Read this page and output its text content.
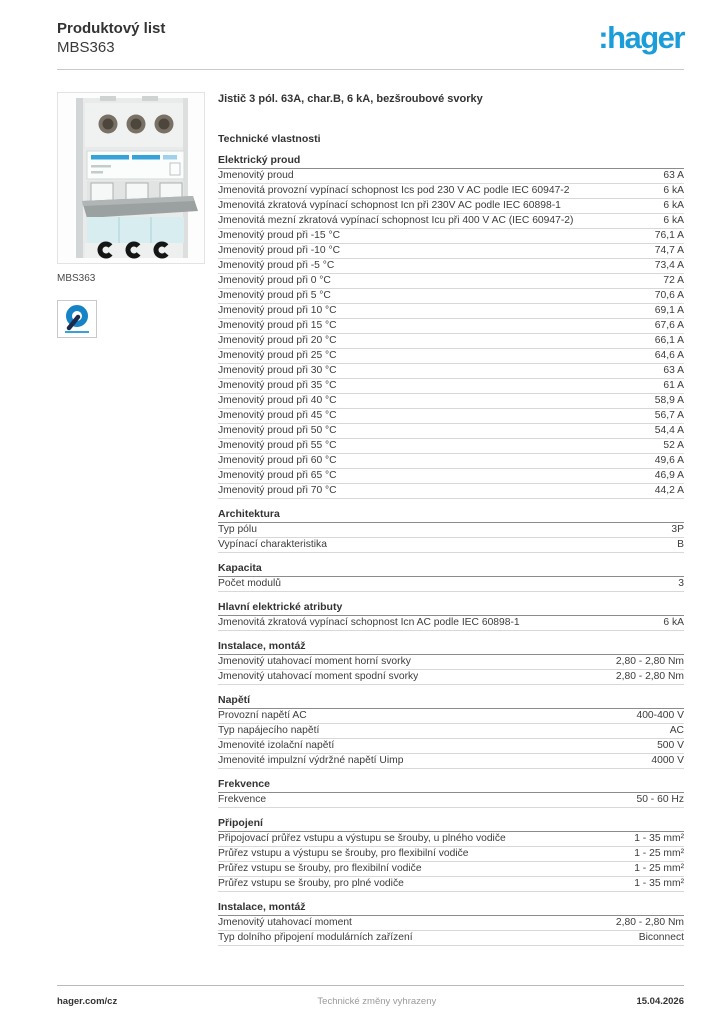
Produktový list
MBS363	:hager
MBS363
Jistič 3 pól. 63A, char.B, 6 kA, bezšroubové svorky
Technické vlastnosti
Elektrický proud
Jmenovitý proud	63 A
Jmenovitá provozní vypínací schopnost Ics pod 230 V AC podle IEC 60947-2	6 kA
Jmenovitá zkratová vypínací schopnost Icn při 230V AC podle IEC 60898-1	6 kA
Jmenovitá mezní zkratová vypínací schopnost Icu při 400 V AC (IEC 60947-2)	6 kA
Jmenovitý proud při -15 °C	76,1 A
Jmenovitý proud při -10 °C	74,7 A
Jmenovitý proud při -5 °C	73,4 A
Jmenovitý proud při 0 °C	72 A
Jmenovitý proud při 5 °C	70,6 A
Jmenovitý proud při 10 °C	69,1 A
Jmenovitý proud při 15 °C	67,6 A
Jmenovitý proud při 20 °C	66,1 A
Jmenovitý proud při 25 °C	64,6 A
Jmenovitý proud při 30 °C	63 A
Jmenovitý proud při 35 °C	61 A
Jmenovitý proud při 40 °C	58,9 A
Jmenovitý proud při 45 °C	56,7 A
Jmenovitý proud při 50 °C	54,4 A
Jmenovitý proud při 55 °C	52 A
Jmenovitý proud při 60 °C	49,6 A
Jmenovitý proud při 65 °C	46,9 A
Jmenovitý proud při 70 °C	44,2 A
Architektura
Typ pólu	3P
Vypínací charakteristika	B
Kapacita
Počet modulů	3
Hlavní elektrické atributy
Jmenovitá zkratová vypínací schopnost Icn AC podle IEC 60898-1	6 kA
Instalace, montáž
Jmenovitý utahovací moment horní svorky	2,80 - 2,80 Nm
Jmenovitý utahovací moment spodní svorky	2,80 - 2,80 Nm
Napětí
Provozní napětí AC	400-400 V
Typ napájecího napětí	AC
Jmenovité izolační napětí	500 V
Jmenovité impulzní výdržné napětí Uimp	4000 V
Frekvence
Frekvence	50 - 60 Hz
Připojení
Připojovací průřez vstupu a výstupu se šrouby, u plného vodiče	1 - 35 mm²
Průřez vstupu a výstupu se šrouby, pro flexibilní vodiče	1 - 25 mm²
Průřez vstupu se šrouby, pro flexibilní vodiče	1 - 25 mm²
Průřez vstupu se šrouby, pro plné vodiče	1 - 35 mm²
Instalace, montáž
Jmenovitý utahovací moment	2,80 - 2,80 Nm
Typ dolního připojení modulárních zařízení	Biconnect
hager.com/cz	Technické změny vyhrazeny	15.04.2026
